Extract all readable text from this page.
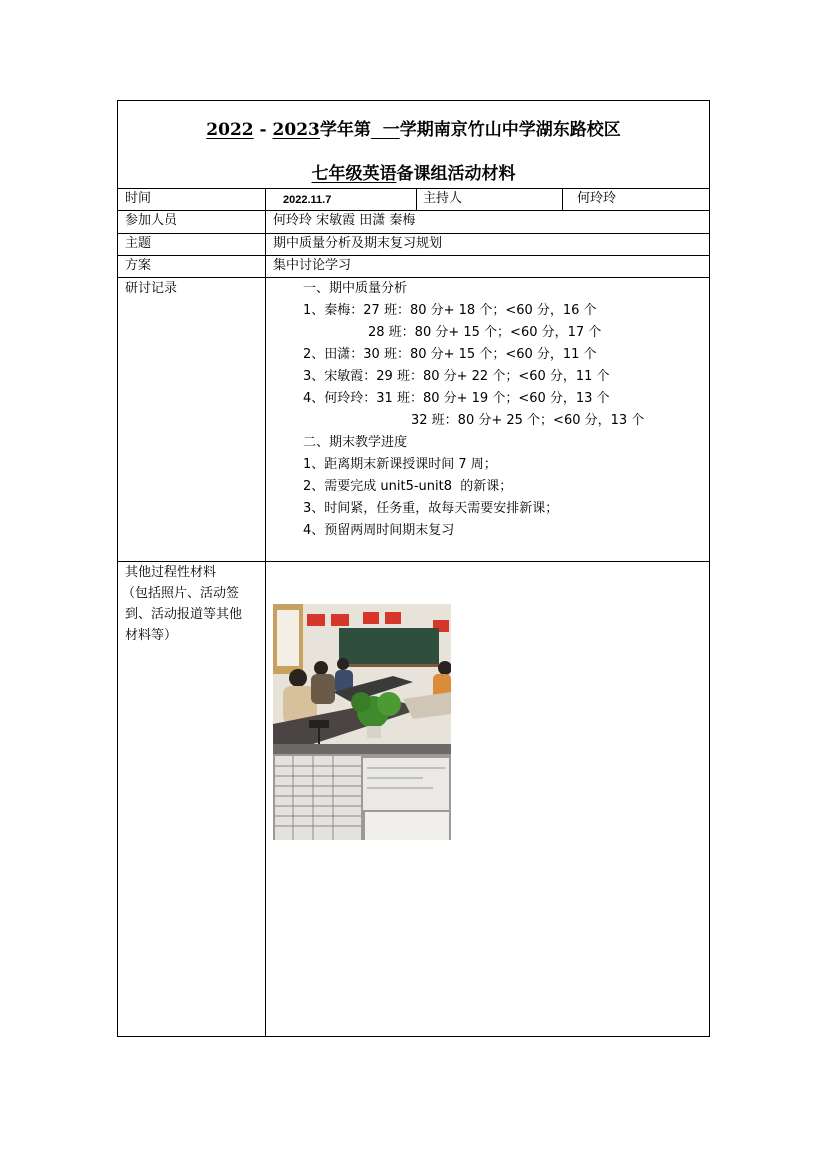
2022 - 2023学年第  一学期南京竹山中学湖东路校区
七年级英语备课组活动材料
时间	2022.11.7	主持人	何玲玲
参加人员	何玲玲 宋敏霞 田潇 秦梅
主题	期中质量分析及期末复习规划
方案	集中讨论学习
研讨记录	一、期中质量分析
1、秦梅：27 班：80 分+ 18 个；<60 分，16 个
28 班：80 分+ 15 个；<60 分，17 个
2、田潇：30 班：80 分+ 15 个；<60 分，11 个
3、宋敏霞：29 班：80 分+ 22 个；<60 分，11 个
4、何玲玲：31 班：80 分+ 19 个；<60 分，13 个
32 班：80 分+ 25 个；<60 分，13 个
二、期末教学进度
1、距离期末新课授课时间 7 周；
2、需要完成 unit5-unit8  的新课；
3、时间紧，任务重，故每天需要安排新课；
4、预留两周时间期末复习
其他过程性材料
（包括照片、活动签
到、活动报道等其他
材料等）
